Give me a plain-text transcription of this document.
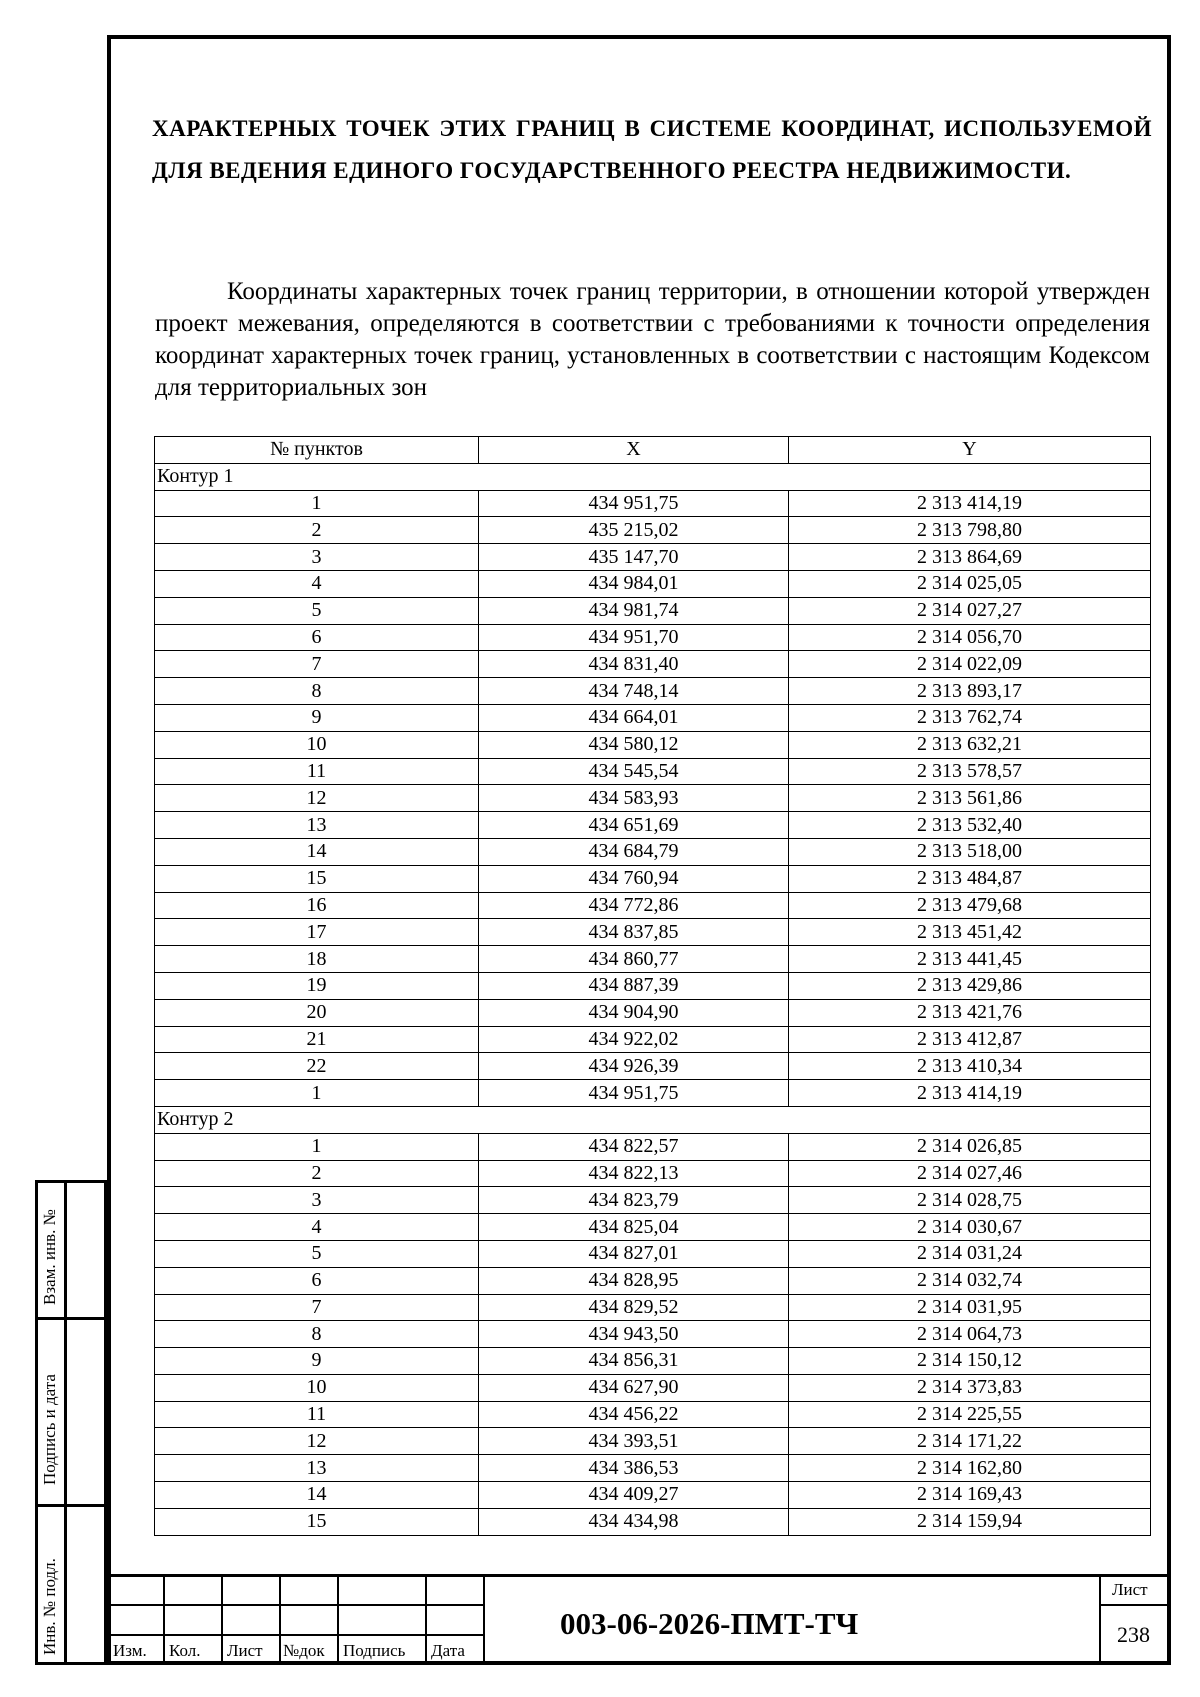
ХАРАКТЕРНЫХ ТОЧЕК ЭТИХ ГРАНИЦ В СИСТЕМЕ КООРДИНАТ, ИСПОЛЬЗУЕМОЙ ДЛЯ ВЕДЕНИЯ ЕДИНОГО ГОСУДАРСТВЕННОГО РЕЕСТРА НЕДВИЖИМОСТИ.
Координаты характерных точек границ территории, в отношении которой утвержден проект межевания, определяются в соответствии с требованиями к точности определения координат характерных точек границ, установленных в соответствии с настоящим Кодексом для территориальных зон
№ пунктов	X	Y
Контур 1		
1	434 951,75	2 313 414,19
2	435 215,02	2 313 798,80
3	435 147,70	2 313 864,69
4	434 984,01	2 314 025,05
5	434 981,74	2 314 027,27
6	434 951,70	2 314 056,70
7	434 831,40	2 314 022,09
8	434 748,14	2 313 893,17
9	434 664,01	2 313 762,74
10	434 580,12	2 313 632,21
11	434 545,54	2 313 578,57
12	434 583,93	2 313 561,86
13	434 651,69	2 313 532,40
14	434 684,79	2 313 518,00
15	434 760,94	2 313 484,87
16	434 772,86	2 313 479,68
17	434 837,85	2 313 451,42
18	434 860,77	2 313 441,45
19	434 887,39	2 313 429,86
20	434 904,90	2 313 421,76
21	434 922,02	2 313 412,87
22	434 926,39	2 313 410,34
1	434 951,75	2 313 414,19
Контур 2		
1	434 822,57	2 314 026,85
2	434 822,13	2 314 027,46
3	434 823,79	2 314 028,75
4	434 825,04	2 314 030,67
5	434 827,01	2 314 031,24
6	434 828,95	2 314 032,74
7	434 829,52	2 314 031,95
8	434 943,50	2 314 064,73
9	434 856,31	2 314 150,12
10	434 627,90	2 314 373,83
11	434 456,22	2 314 225,55
12	434 393,51	2 314 171,22
13	434 386,53	2 314 162,80
14	434 409,27	2 314 169,43
15	434 434,98	2 314 159,94
Взам. инв. №
Подпись и дата
Инв. № подл.	Изм. Кол. Лист №док Подпись Дата
Лист
238
003-06-2026-ПМТ-ТЧ
